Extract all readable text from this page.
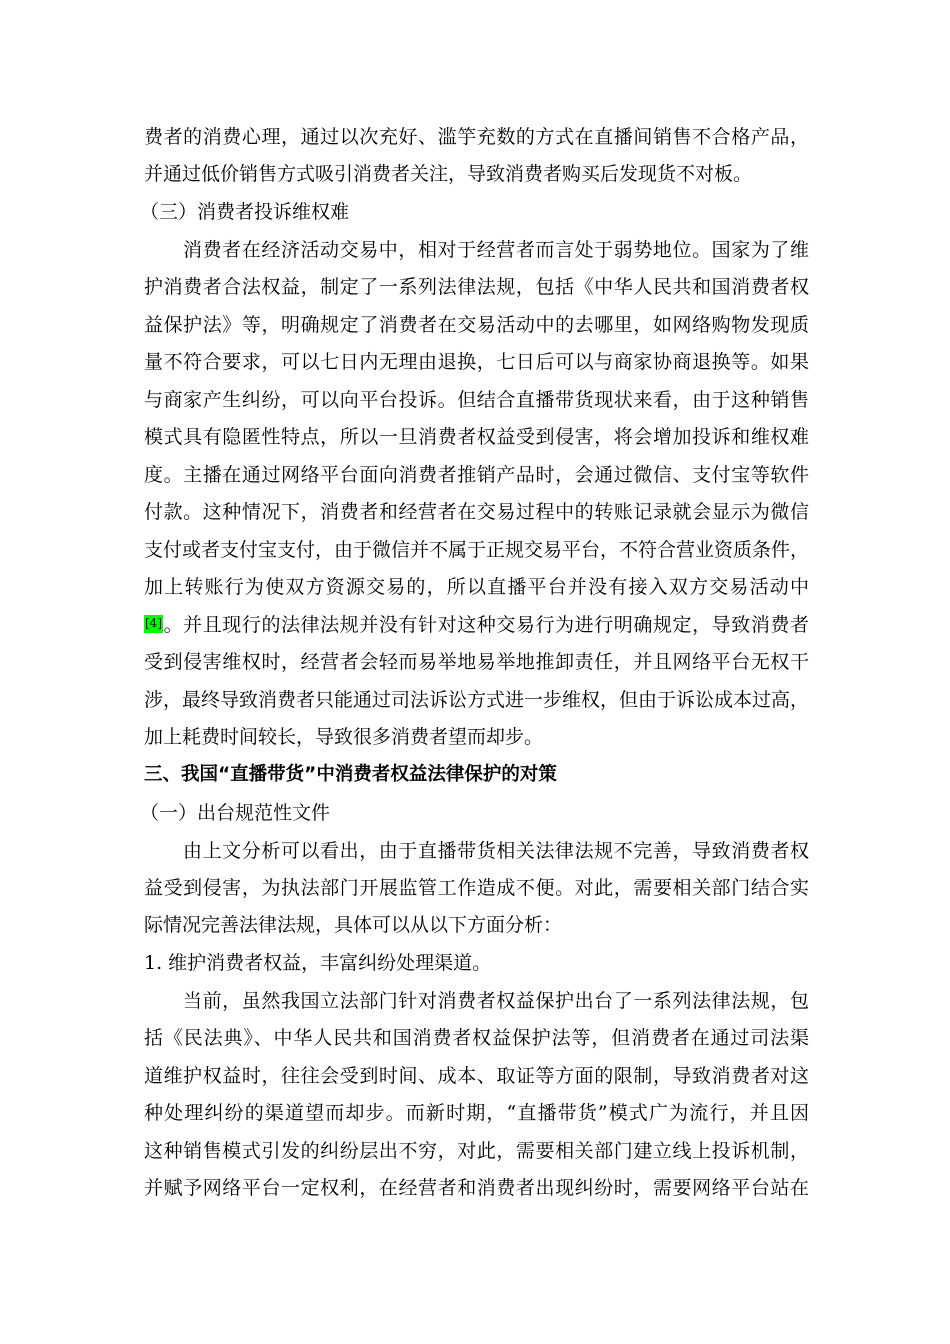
费者的消费心理，通过以次充好、滥竽充数的方式在直播间销售不合格产品，
并通过低价销售方式吸引消费者关注，导致消费者购买后发现货不对板。
（三）消费者投诉维权难
消费者在经济活动交易中，相对于经营者而言处于弱势地位。国家为了维
护消费者合法权益，制定了一系列法律法规，包括《中华人民共和国消费者权
益保护法》等，明确规定了消费者在交易活动中的去哪里，如网络购物发现质
量不符合要求，可以七日内无理由退换，七日后可以与商家协商退换等。如果
与商家产生纠纷，可以向平台投诉。但结合直播带货现状来看，由于这种销售
模式具有隐匿性特点，所以一旦消费者权益受到侵害，将会增加投诉和维权难
度。主播在通过网络平台面向消费者推销产品时，会通过微信、支付宝等软件
付款。这种情况下，消费者和经营者在交易过程中的转账记录就会显示为微信
支付或者支付宝支付，由于微信并不属于正规交易平台，不符合营业资质条件，
加上转账行为使双方资源交易的，所以直播平台并没有接入双方交易活动中
[4]。并且现行的法律法规并没有针对这种交易行为进行明确规定，导致消费者
受到侵害维权时，经营者会轻而易举地易举地推卸责任，并且网络平台无权干
涉，最终导致消费者只能通过司法诉讼方式进一步维权，但由于诉讼成本过高，
加上耗费时间较长，导致很多消费者望而却步。
三、我国“直播带货”中消费者权益法律保护的对策
（一）出台规范性文件
由上文分析可以看出，由于直播带货相关法律法规不完善，导致消费者权
益受到侵害，为执法部门开展监管工作造成不便。对此，需要相关部门结合实
际情况完善法律法规，具体可以从以下方面分析：
1. 维护消费者权益，丰富纠纷处理渠道。
当前，虽然我国立法部门针对消费者权益保护出台了一系列法律法规，包
括《民法典》、中华人民共和国消费者权益保护法等，但消费者在通过司法渠
道维护权益时，往往会受到时间、成本、取证等方面的限制，导致消费者对这
种处理纠纷的渠道望而却步。而新时期，“直播带货”模式广为流行，并且因
这种销售模式引发的纠纷层出不穷，对此，需要相关部门建立线上投诉机制，
并赋予网络平台一定权利，在经营者和消费者出现纠纷时，需要网络平台站在
